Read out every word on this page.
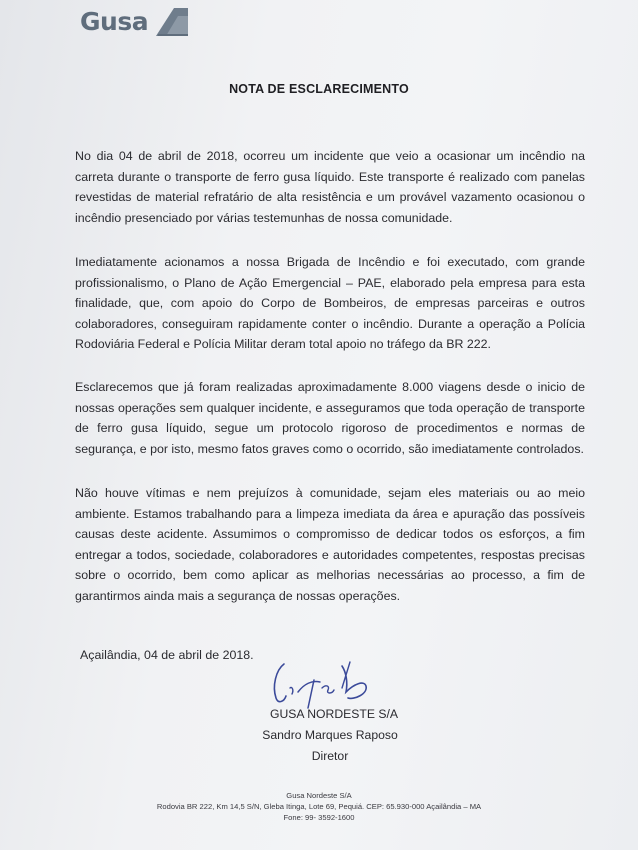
Gusa
NOTA DE ESCLARECIMENTO
No dia 04 de abril de 2018, ocorreu um incidente que veio a ocasionar um incêndio na carreta durante o transporte de ferro gusa líquido. Este transporte é realizado com panelas revestidas de material refratário de alta resistência e um provável vazamento ocasionou o incêndio presenciado por várias testemunhas de nossa comunidade.
Imediatamente acionamos a nossa Brigada de Incêndio e foi executado, com grande profissionalismo, o Plano de Ação Emergencial – PAE, elaborado pela empresa para esta finalidade, que, com apoio do Corpo de Bombeiros, de empresas parceiras e outros colaboradores, conseguiram rapidamente conter o incêndio. Durante a operação a Polícia Rodoviária Federal e Polícia Militar deram total apoio no tráfego da BR 222.
Esclarecemos que já foram realizadas aproximadamente 8.000 viagens desde o inicio de nossas operações sem qualquer incidente, e asseguramos que toda operação de transporte de ferro gusa líquido, segue um protocolo rigoroso de procedimentos e normas de segurança, e por isto, mesmo fatos graves como o ocorrido, são imediatamente controlados.
Não houve vítimas e nem prejuízos à comunidade, sejam eles materiais ou ao meio ambiente. Estamos trabalhando para a limpeza imediata da área e apuração das possíveis causas deste acidente. Assumimos o compromisso de dedicar todos os esforços, a fim entregar a todos, sociedade, colaboradores e autoridades competentes, respostas precisas sobre o ocorrido, bem como aplicar as melhorias necessárias ao processo, a fim de garantirmos ainda mais a segurança de nossas operações.
Açailândia, 04 de abril de 2018.
GUSA NORDESTE S/A
Sandro Marques Raposo
Diretor
Gusa Nordeste S/A
Rodovia BR 222, Km 14,5 S/N, Gleba Itinga, Lote 69, Pequiá. CEP: 65.930-000 Açailândia – MA
Fone: 99- 3592-1600
